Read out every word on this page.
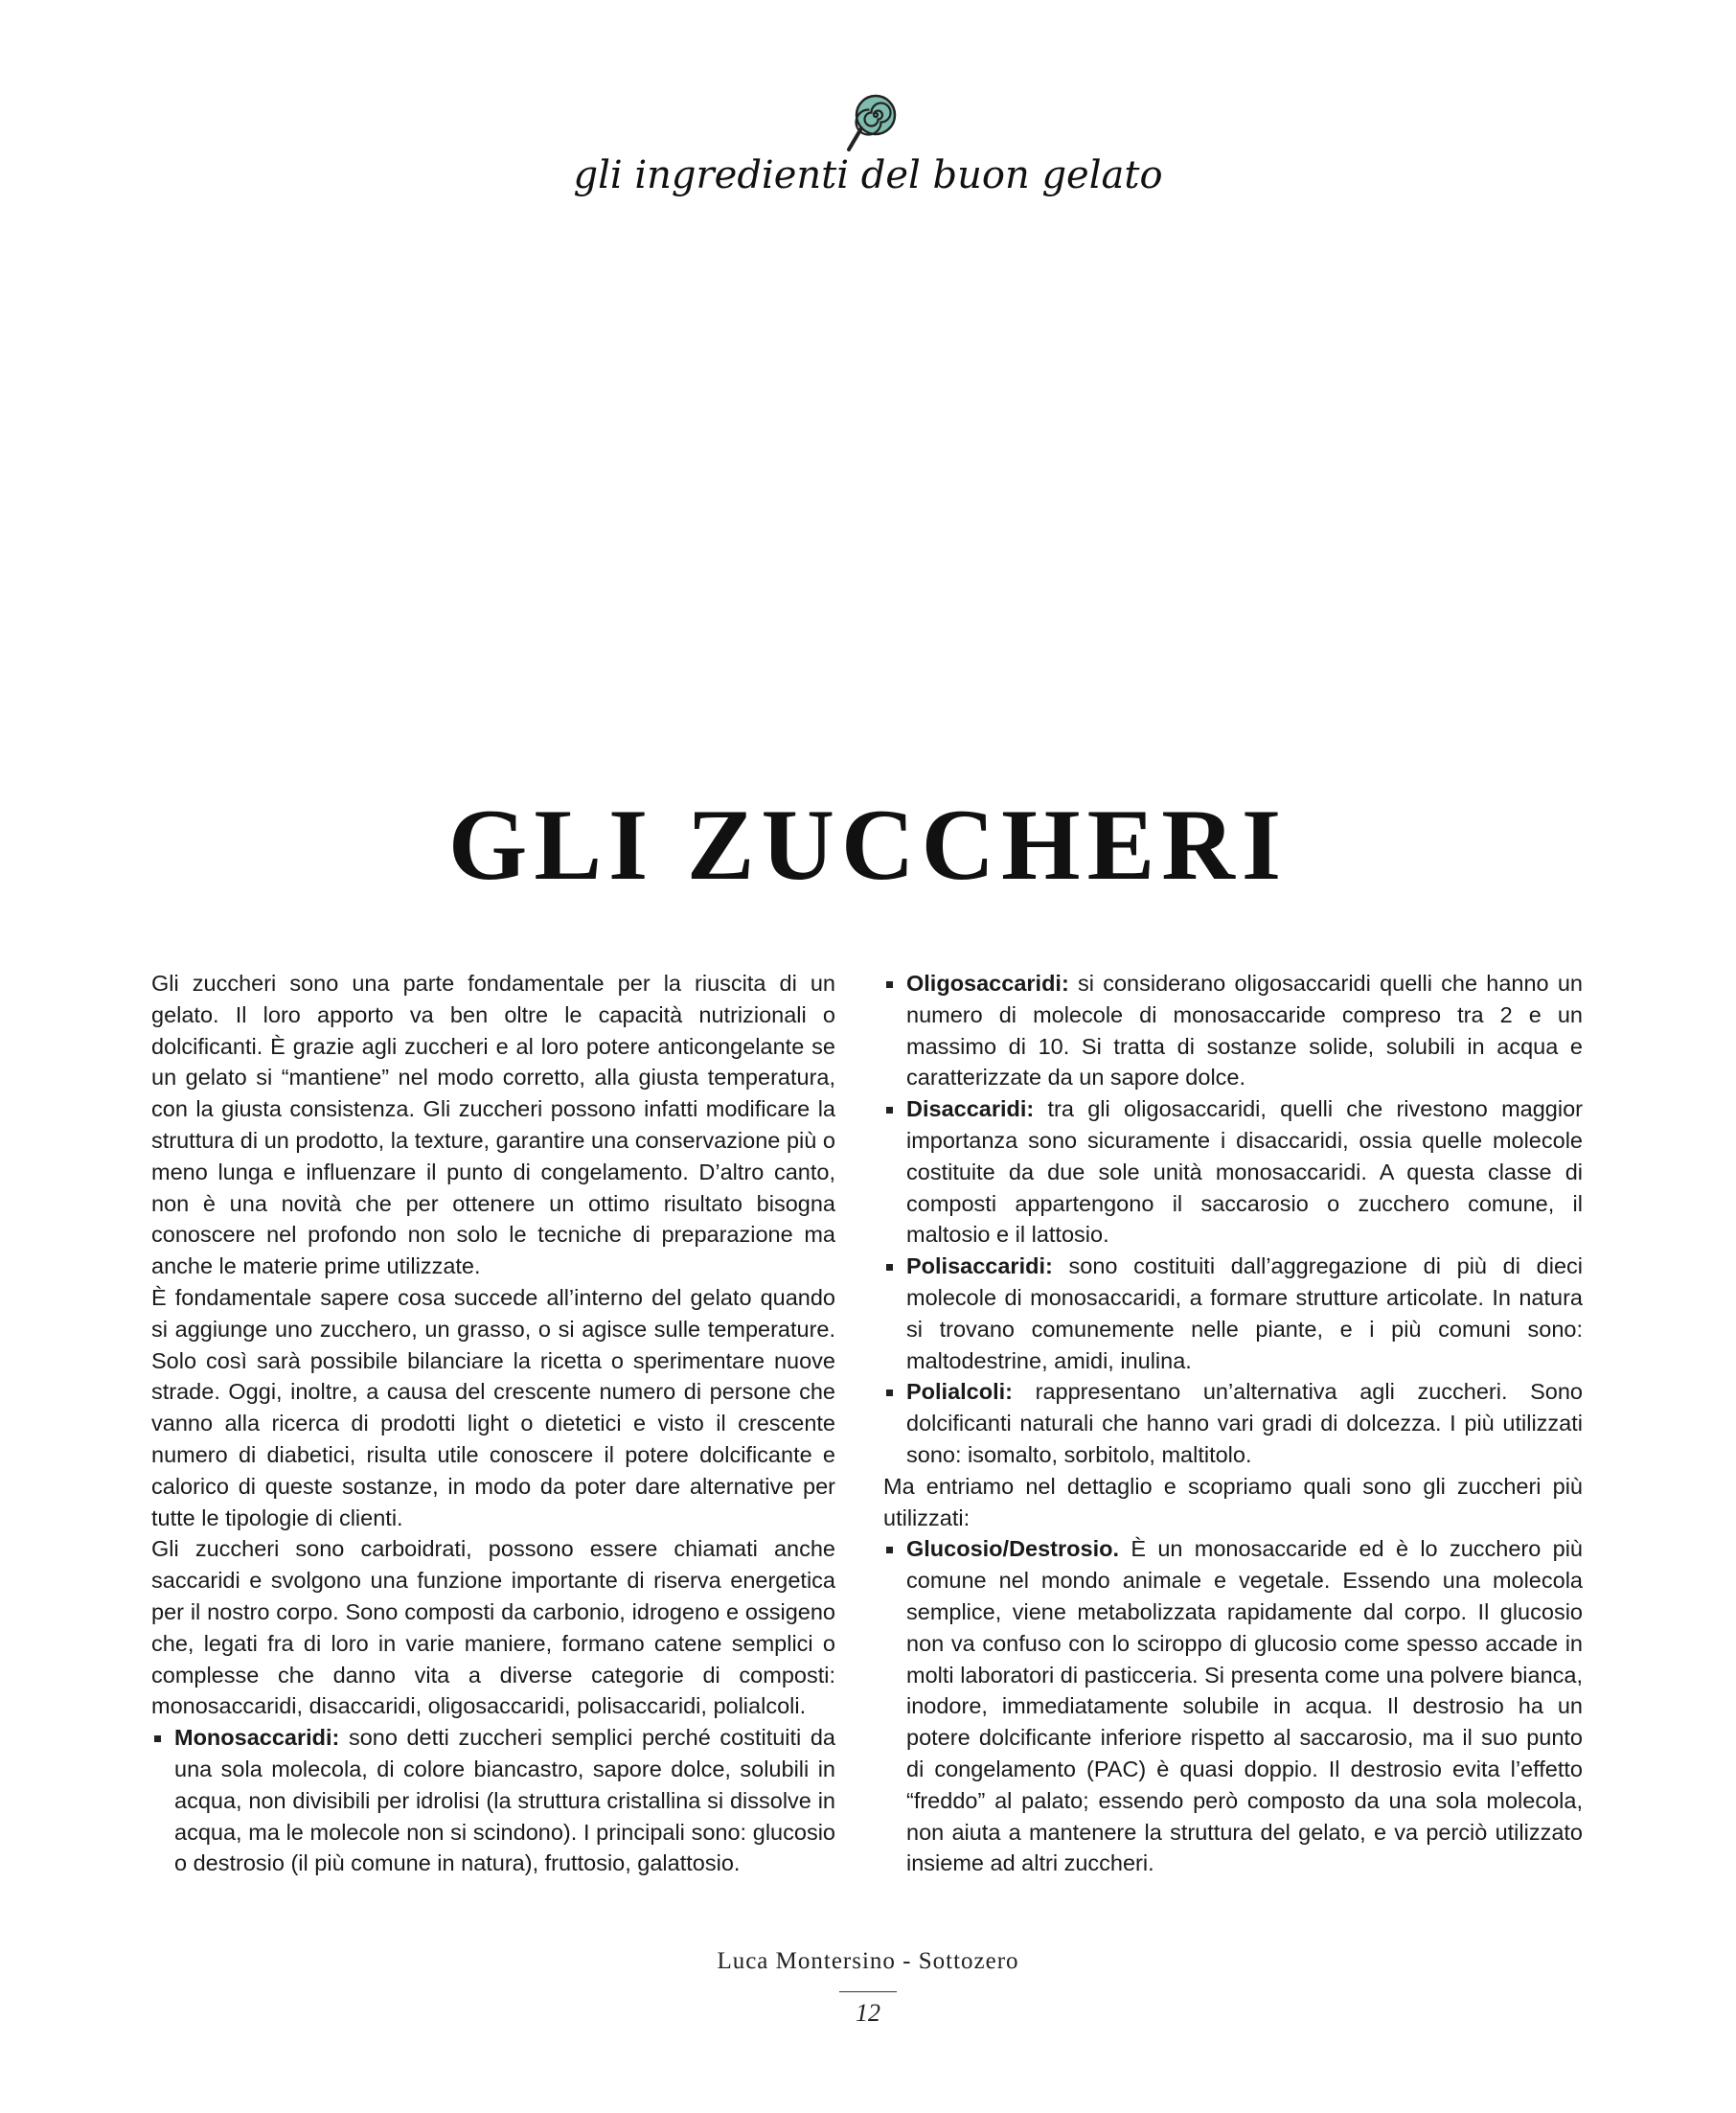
gli ingredienti del buon gelato
GLI ZUCCHERI

Gli zuccheri sono una parte fondamentale per la riuscita di un gelato. Il loro apporto va ben oltre le capacità nutrizionali o dolcificanti. È grazie agli zuccheri e al loro potere anticongelante se un gelato si “mantiene” nel modo corretto, alla giusta temperatura, con la giusta consistenza. Gli zuccheri possono infatti modificare la struttura di un prodotto, la texture, garantire una conservazione più o meno lunga e influenzare il punto di congelamento. D’altro canto, non è una novità che per ottenere un ottimo risultato bisogna conoscere nel profondo non solo le tecniche di preparazione ma anche le materie prime utilizzate.

È fondamentale sapere cosa succede all’interno del gelato quando si aggiunge uno zucchero, un grasso, o si agisce sulle temperature. Solo così sarà possibile bilanciare la ricetta o sperimentare nuove strade. Oggi, inoltre, a causa del crescente numero di persone che vanno alla ricerca di prodotti light o dietetici e visto il crescente numero di diabetici, risulta utile conoscere il potere dolcificante e calorico di queste sostanze, in modo da poter dare alternative per tutte le tipologie di clienti.

Gli zuccheri sono carboidrati, possono essere chiamati anche saccaridi e svolgono una funzione importante di riserva energetica per il nostro corpo. Sono composti da carbonio, idrogeno e ossigeno che, legati fra di loro in varie maniere, formano catene semplici o complesse che danno vita a diverse categorie di composti: monosaccaridi, disaccaridi, oligosaccaridi, polisaccaridi, polialcoli.

Monosaccaridi: sono detti zuccheri semplici perché costituiti da una sola molecola, di colore biancastro, sapore dolce, solubili in acqua, non divisibili per idrolisi (la struttura cristallina si dissolve in acqua, ma le molecole non si scindono). I principali sono: glucosio o destrosio (il più comune in natura), fruttosio, galattosio.
Oligosaccaridi: si considerano oligosaccaridi quelli che hanno un numero di molecole di monosaccaride compreso tra 2 e un massimo di 10. Si tratta di sostanze solide, solubili in acqua e caratterizzate da un sapore dolce.
Disaccaridi: tra gli oligosaccaridi, quelli che rivestono maggior importanza sono sicuramente i disaccaridi, ossia quelle molecole costituite da due sole unità monosaccaridi. A questa classe di composti appartengono il saccarosio o zucchero comune, il maltosio e il lattosio.
Polisaccaridi: sono costituiti dall’aggregazione di più di dieci molecole di monosaccaridi, a formare strutture articolate. In natura si trovano comunemente nelle piante, e i più comuni sono: maltodestrine, amidi, inulina.
Polialcoli: rappresentano un’alternativa agli zuccheri. Sono dolcificanti naturali che hanno vari gradi di dolcezza. I più utilizzati sono: isomalto, sorbitolo, maltitolo.

Ma entriamo nel dettaglio e scopriamo quali sono gli zuccheri più utilizzati:

Glucosio/Destrosio. È un monosaccaride ed è lo zucchero più comune nel mondo animale e vegetale. Essendo una molecola semplice, viene metabolizzata rapidamente dal corpo. Il glucosio non va confuso con lo sciroppo di glucosio come spesso accade in molti laboratori di pasticceria. Si presenta come una polvere bianca, inodore, immediatamente solubile in acqua. Il destrosio ha un potere dolcificante inferiore rispetto al saccarosio, ma il suo punto di congelamento (PAC) è quasi doppio. Il destrosio evita l’effetto “freddo” al palato; essendo però composto da una sola molecola, non aiuta a mantenere la struttura del gelato, e va perciò utilizzato insieme ad altri zuccheri.
Luca Montersino - Sottozero
12
